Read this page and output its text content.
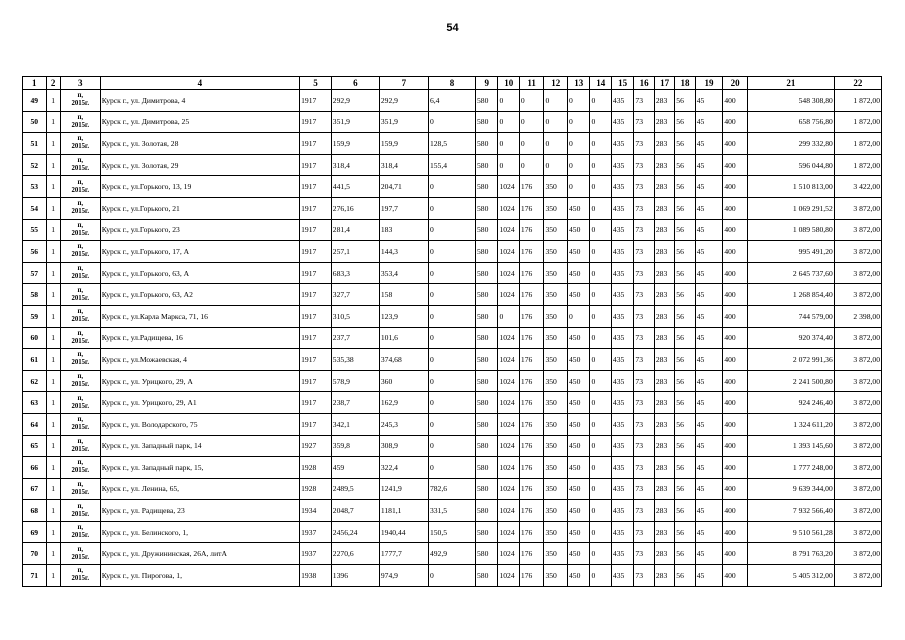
54
1	2	3	4	5	6	7	8	9	10	11	12	13	14	15	16	17	18	19	20	21	22
49	1	п,
2015г.	Курск г., ул. Димитрова, 4	1917	292,9	292,9	6,4	580	0	0	0	0	0	435	73	283	56	45	400	548 308,80	1 872,00
50	1	п,
2015г.	Курск г., ул. Димитрова, 25	1917	351,9	351,9	0	580	0	0	0	0	0	435	73	283	56	45	400	658 756,80	1 872,00
51	1	п,
2015г.	Курск г., ул. Золотая, 28	1917	159,9	159,9	128,5	580	0	0	0	0	0	435	73	283	56	45	400	299 332,80	1 872,00
52	1	п,
2015г.	Курск г., ул. Золотая, 29	1917	318,4	318,4	155,4	580	0	0	0	0	0	435	73	283	56	45	400	596 044,80	1 872,00
53	1	п,
2015г.	Курск г., ул.Горького, 13, 19	1917	441,5	204,71	0	580	1024	176	350	0	0	435	73	283	56	45	400	1 510 813,00	3 422,00
54	1	п,
2015г.	Курск г., ул.Горького, 21	1917	276,16	197,7	0	580	1024	176	350	450	0	435	73	283	56	45	400	1 069 291,52	3 872,00
55	1	п,
2015г.	Курск г., ул.Горького, 23	1917	281,4	183	0	580	1024	176	350	450	0	435	73	283	56	45	400	1 089 580,80	3 872,00
56	1	п,
2015г.	Курск г., ул.Горького, 17, А	1917	257,1	144,3	0	580	1024	176	350	450	0	435	73	283	56	45	400	995 491,20	3 872,00
57	1	п,
2015г.	Курск г., ул.Горького, 63, А	1917	683,3	353,4	0	580	1024	176	350	450	0	435	73	283	56	45	400	2 645 737,60	3 872,00
58	1	п,
2015г.	Курск г., ул.Горького, 63, А2	1917	327,7	158	0	580	1024	176	350	450	0	435	73	283	56	45	400	1 268 854,40	3 872,00
59	1	п,
2015г.	Курск г., ул.Карла Маркса, 71, 16	1917	310,5	123,9	0	580	0	176	350	0	0	435	73	283	56	45	400	744 579,00	2 398,00
60	1	п,
2015г.	Курск г., ул.Радищева, 16	1917	237,7	101,6	0	580	1024	176	350	450	0	435	73	283	56	45	400	920 374,40	3 872,00
61	1	п,
2015г.	Курск г., ул.Можаевская, 4	1917	535,38	374,68	0	580	1024	176	350	450	0	435	73	283	56	45	400	2 072 991,36	3 872,00
62	1	п,
2015г.	Курск г., ул. Урицкого, 29, А	1917	578,9	360	0	580	1024	176	350	450	0	435	73	283	56	45	400	2 241 500,80	3 872,00
63	1	п,
2015г.	Курск г., ул. Урицкого, 29, А1	1917	238,7	162,9	0	580	1024	176	350	450	0	435	73	283	56	45	400	924 246,40	3 872,00
64	1	п,
2015г.	Курск г., ул. Володарского, 75	1917	342,1	245,3	0	580	1024	176	350	450	0	435	73	283	56	45	400	1 324 611,20	3 872,00
65	1	п,
2015г.	Курск г., ул. Западный парк, 14	1927	359,8	308,9	0	580	1024	176	350	450	0	435	73	283	56	45	400	1 393 145,60	3 872,00
66	1	п,
2015г.	Курск г., ул. Западный парк, 15,	1928	459	322,4	0	580	1024	176	350	450	0	435	73	283	56	45	400	1 777 248,00	3 872,00
67	1	п,
2015г.	Курск г., ул. Ленина, 65,	1928	2489,5	1241,9	782,6	580	1024	176	350	450	0	435	73	283	56	45	400	9 639 344,00	3 872,00
68	1	п,
2015г.	Курск г., ул. Радищева, 23	1934	2048,7	1181,1	331,5	580	1024	176	350	450	0	435	73	283	56	45	400	7 932 566,40	3 872,00
69	1	п,
2015г.	Курск г., ул. Белинского, 1,	1937	2456,24	1940,44	150,5	580	1024	176	350	450	0	435	73	283	56	45	400	9 510 561,28	3 872,00
70	1	п,
2015г.	Курск г., ул. Дружининская, 26А, литА	1937	2270,6	1777,7	492,9	580	1024	176	350	450	0	435	73	283	56	45	400	8 791 763,20	3 872,00
71	1	п,
2015г.	Курск г., ул. Пирогова, 1,	1938	1396	974,9	0	580	1024	176	350	450	0	435	73	283	56	45	400	5 405 312,00	3 872,00
